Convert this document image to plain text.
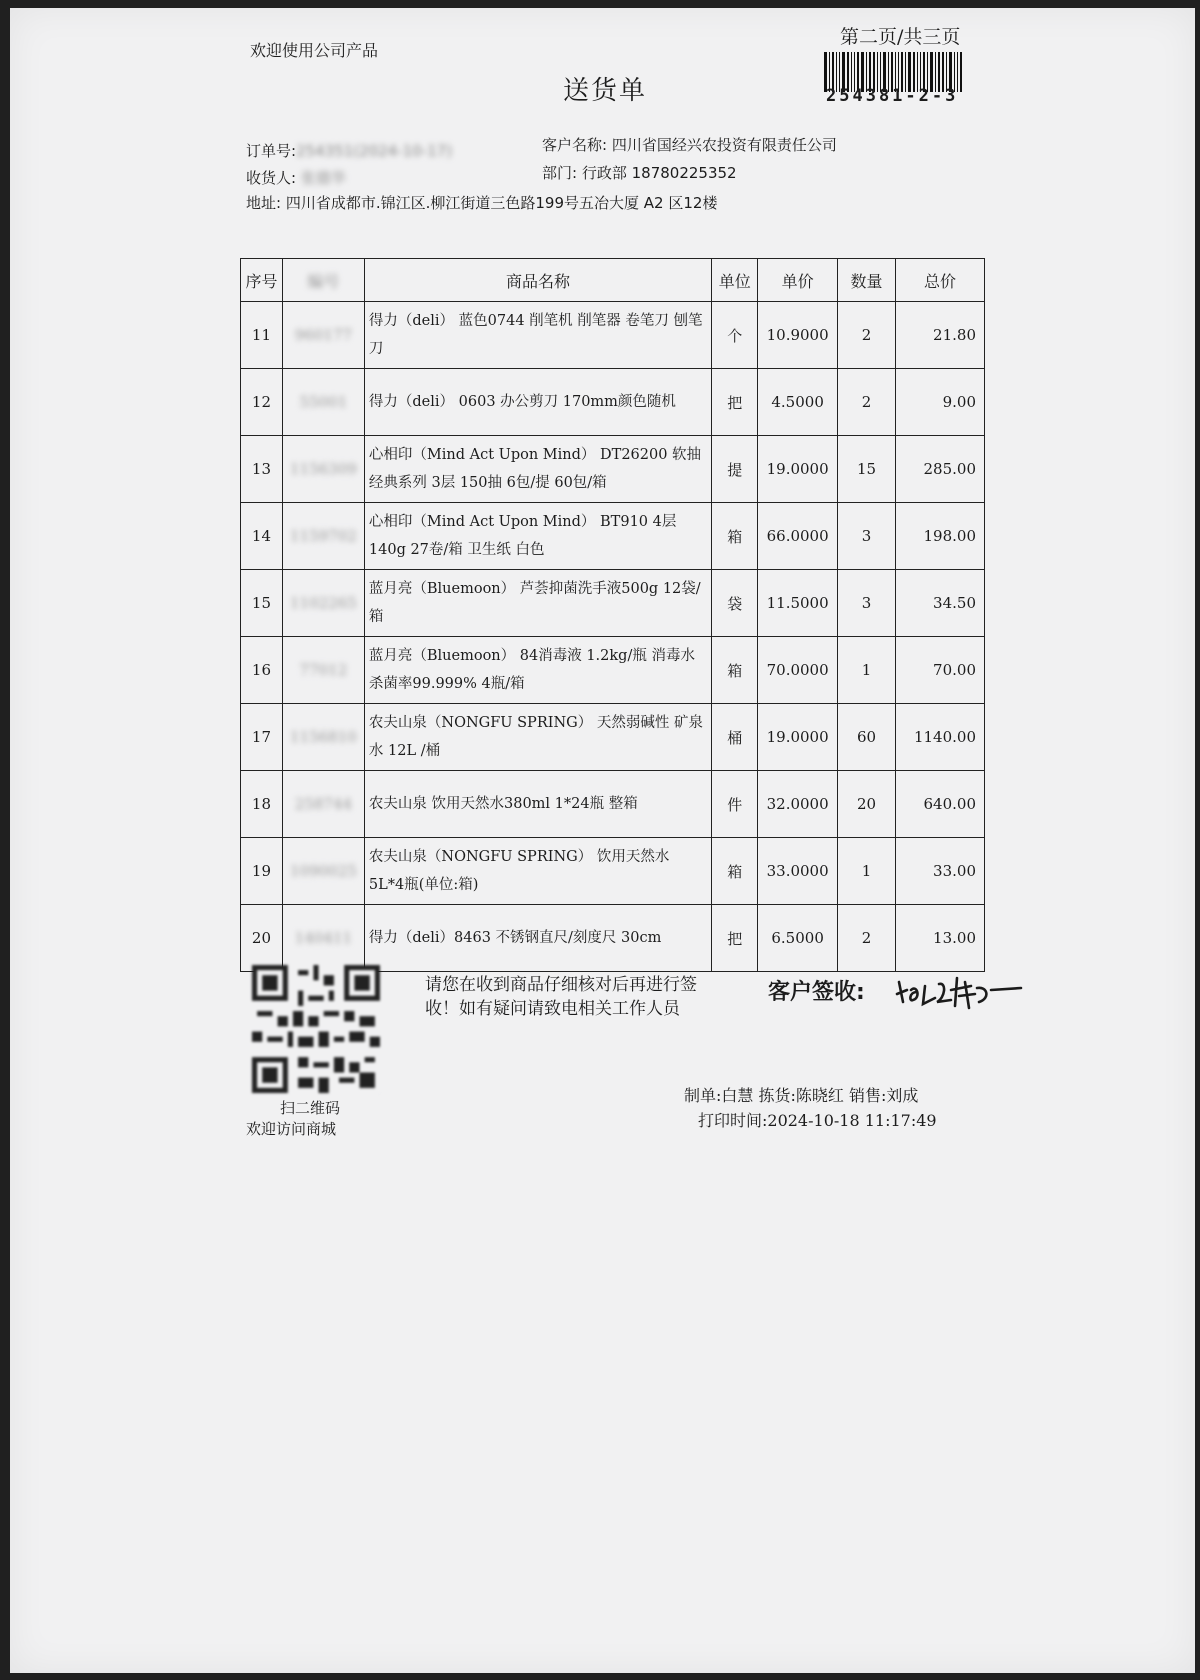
欢迎使用公司产品
送货单
第二页/共三页
254381-2-3
订单号:254351(2024-10-17)	客户名称: 四川省国经兴农投资有限责任公司
收货人: 张德华	部门: 行政部 18780225352
地址: 四川省成都市.锦江区.柳江街道三色路199号五冶大厦 A2 区12楼
序号	编号	商品名称	单位	单价	数量	总价
11	960177	得力（deli） 蓝色0744 削笔机 削笔器 卷笔刀 刨笔刀	个	10.9000	2	21.80
12	55001	得力（deli） 0603 办公剪刀 170mm颜色随机	把	4.5000	2	9.00
13	1156309	心相印（Mind Act Upon Mind） DT26200 软抽 经典系列 3层 150抽 6包/提 60包/箱	提	19.0000	15	285.00
14	1159702	心相印（Mind Act Upon Mind） BT910 4层 140g 27卷/箱 卫生纸 白色	箱	66.0000	3	198.00
15	1102265	蓝月亮（Bluemoon） 芦荟抑菌洗手液500g 12袋/箱	袋	11.5000	3	34.50
16	77012	蓝月亮（Bluemoon） 84消毒液 1.2kg/瓶 消毒水 杀菌率99.999% 4瓶/箱	箱	70.0000	1	70.00
17	1156810	农夫山泉（NONGFU SPRING） 天然弱碱性 矿泉水 12L /桶	桶	19.0000	60	1140.00
18	258744	农夫山泉 饮用天然水380ml 1*24瓶 整箱	件	32.0000	20	640.00
19	1090025	农夫山泉（NONGFU SPRING） 饮用天然水 5L*4瓶(单位:箱)	箱	33.0000	1	33.00
20	140411	得力（deli）8463 不锈钢直尺/刻度尺 30cm	把	6.5000	2	13.00
扫二维码
欢迎访问商城
请您在收到商品仔细核对后再进行签收！如有疑问请致电相关工作人员
客户签收:
制单:白慧 拣货:陈晓红 销售:刘成
打印时间:2024-10-18 11:17:49
